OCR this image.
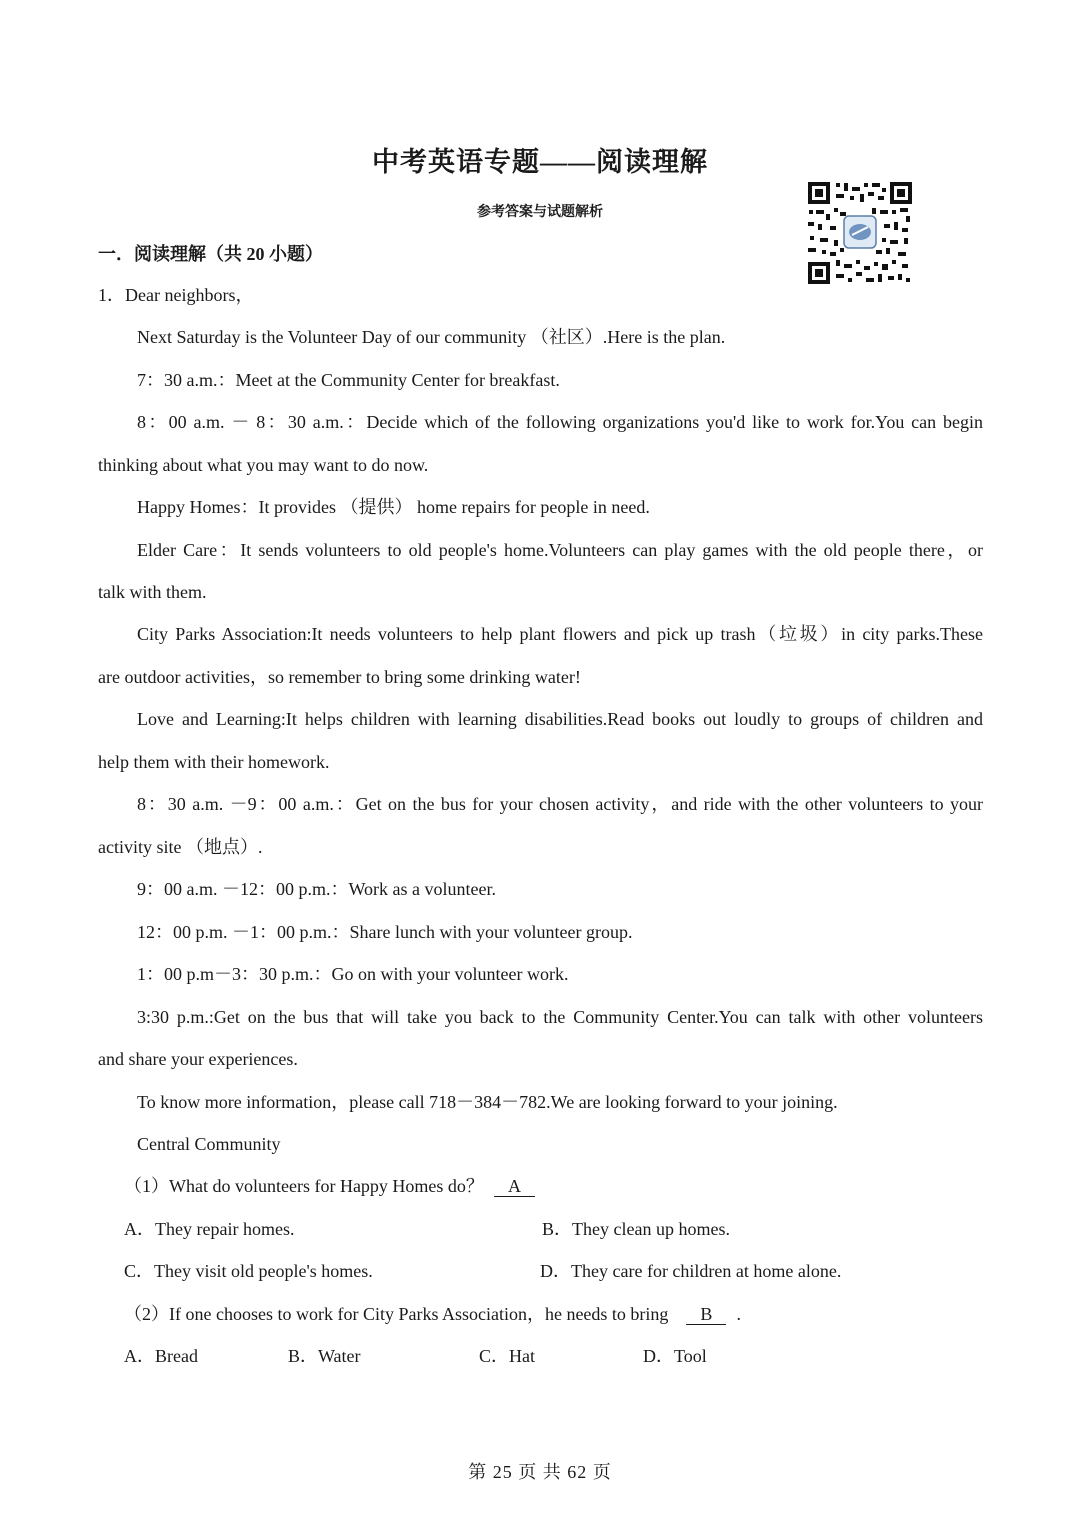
中考英语专题——阅读理解
参考答案与试题解析
一．阅读理解（共 20 小题）
1．Dear neighbors，
Next Saturday is the Volunteer Day of our community （社区）.Here is the plan.
7：30 a.m.：Meet at the Community Center for breakfast.
8：00 a.m. － 8：30 a.m.：Decide which of the following organizations you'd like to work for.You can begin
thinking about what you may want to do now.
Happy Homes：It provides （提供） home repairs for people in need.
Elder Care：It sends volunteers to old people's home.Volunteers can play games with the old people there，or
talk with them.
City Parks Association:It needs volunteers to help plant flowers and pick up trash（垃圾）in city parks.These
are outdoor activities，so remember to bring some drinking water!
Love and Learning:It helps children with learning disabilities.Read books out loudly to groups of children and
help them with their homework.
8：30 a.m. －9：00 a.m.：Get on the bus for your chosen activity，and ride with the other volunteers to your
activity site （地点）.
9：00 a.m. －12：00 p.m.：Work as a volunteer.
12：00 p.m. －1：00 p.m.：Share lunch with your volunteer group.
1：00 p.m－3：30 p.m.：Go on with your volunteer work.
3:30 p.m.:Get on the bus that will take you back to the Community Center.You can talk with other volunteers
and share your experiences.
To know more information，please call 718－384－782.We are looking forward to your joining.
Central Community
（1）What do volunteers for Happy Homes do？ A
A．They repair homes.	B．They clean up homes.
C．They visit old people's homes.	D．They care for children at home alone.
（2）If one chooses to work for City Parks Association，he needs to bring B .
A．Bread	B．Water	C．Hat	D．Tool
第 25 页 共 62 页
